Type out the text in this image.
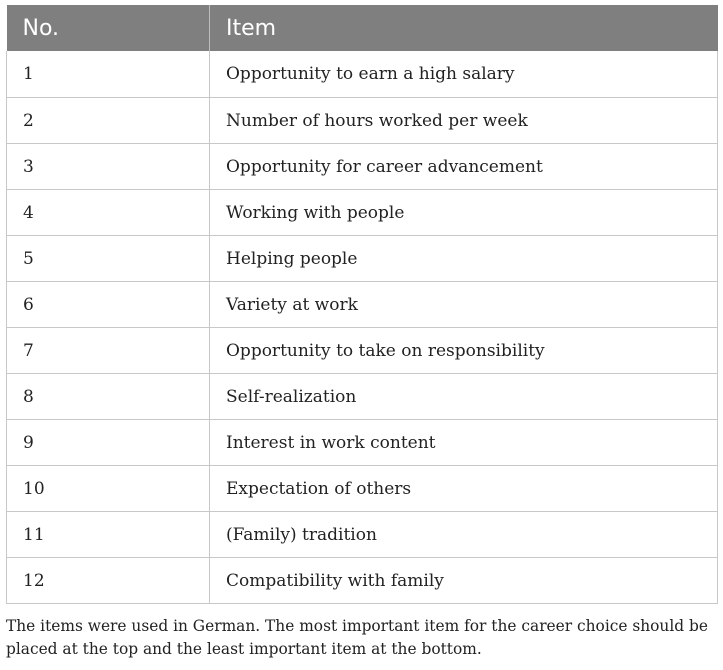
No.	Item
1	Opportunity to earn a high salary
2	Number of hours worked per week
3	Opportunity for career advancement
4	Working with people
5	Helping people
6	Variety at work
7	Opportunity to take on responsibility
8	Self-realization
9	Interest in work content
10	Expectation of others
11	(Family) tradition
12	Compatibility with family

The items were used in German. The most important item for the career choice should be placed at the top and the least important item at the bottom.
